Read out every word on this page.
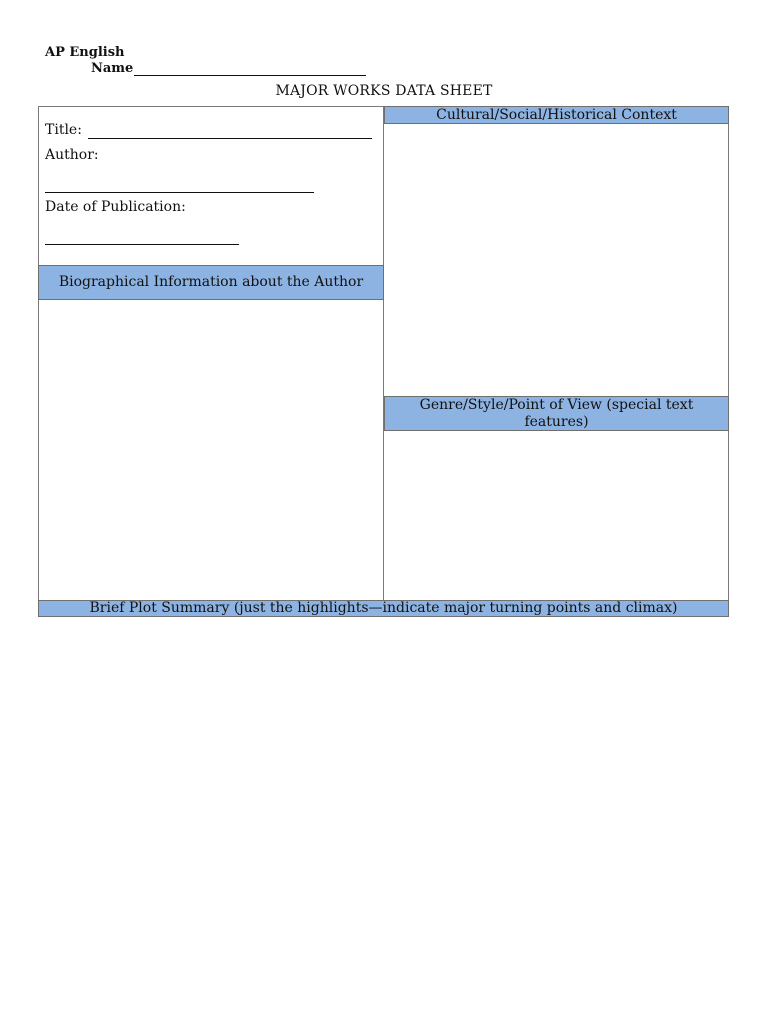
AP English
Name
MAJOR WORKS DATA SHEET
Title:
Author:
Date of Publication:
Cultural/Social/Historical Context
Biographical Information about the Author
Genre/Style/Point of View (special text features)
Brief Plot Summary (just the highlights—indicate major turning points and climax)
